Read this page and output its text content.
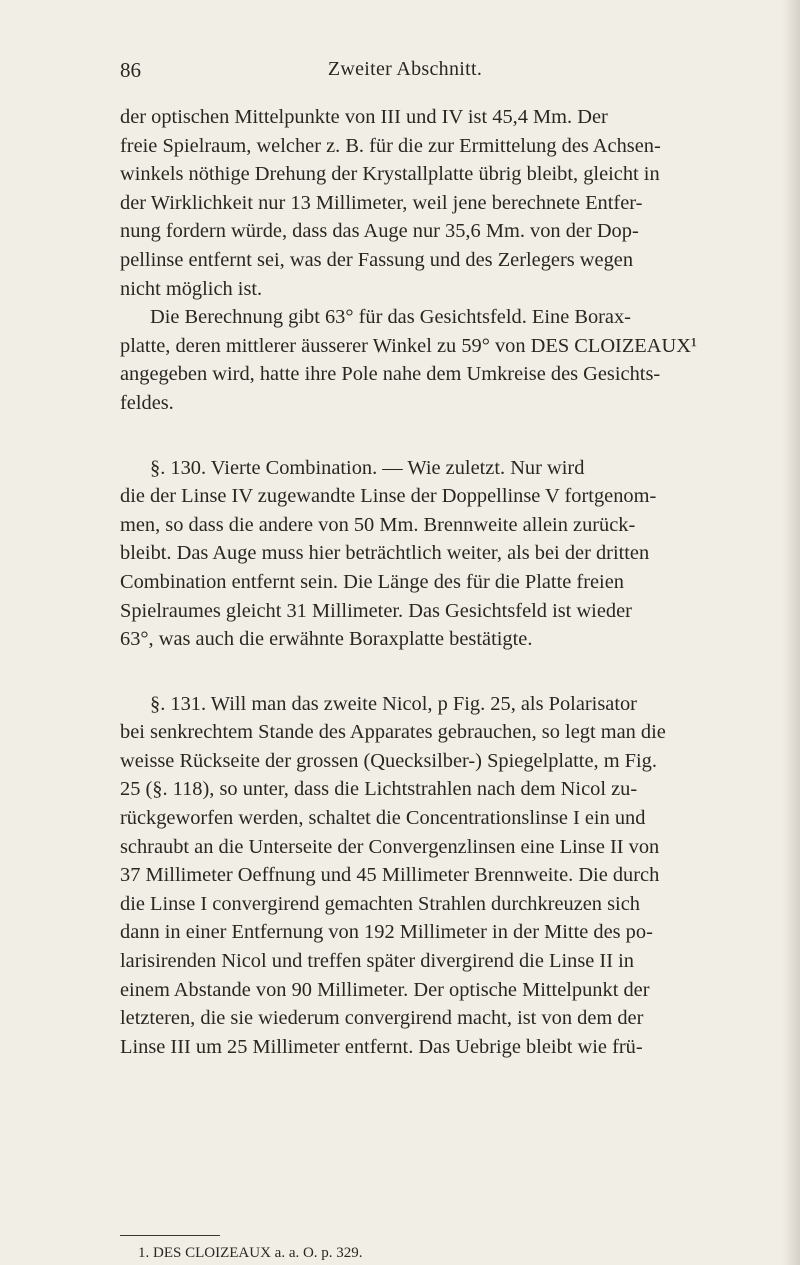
86	Zweiter Abschnitt.

der optischen Mittelpunkte von III und IV ist 45,4 Mm. Der
freie Spielraum, welcher z. B. für die zur Ermittelung des Achsen-
winkels nöthige Drehung der Krystallplatte übrig bleibt, gleicht in
der Wirklichkeit nur 13 Millimeter, weil jene berechnete Entfer-
nung fordern würde, dass das Auge nur 35,6 Mm. von der Dop-
pellinse entfernt sei, was der Fassung und des Zerlegers wegen
nicht möglich ist.

Die Berechnung gibt 63° für das Gesichtsfeld. Eine Borax-
platte, deren mittlerer äusserer Winkel zu 59° von DES CLOIZEAUX¹
angegeben wird, hatte ihre Pole nahe dem Umkreise des Gesichts-
feldes.

§. 130. Vierte Combination. — Wie zuletzt. Nur wird
die der Linse IV zugewandte Linse der Doppellinse V fortgenom-
men, so dass die andere von 50 Mm. Brennweite allein zurück-
bleibt. Das Auge muss hier beträchtlich weiter, als bei der dritten
Combination entfernt sein. Die Länge des für die Platte freien
Spielraumes gleicht 31 Millimeter. Das Gesichtsfeld ist wieder
63°, was auch die erwähnte Boraxplatte bestätigte.

§. 131. Will man das zweite Nicol, p Fig. 25, als Polarisator
bei senkrechtem Stande des Apparates gebrauchen, so legt man die
weisse Rückseite der grossen (Quecksilber-) Spiegelplatte, m Fig.
25 (§. 118), so unter, dass die Lichtstrahlen nach dem Nicol zu-
rückgeworfen werden, schaltet die Concentrationslinse I ein und
schraubt an die Unterseite der Convergenzlinsen eine Linse II von
37 Millimeter Oeffnung und 45 Millimeter Brennweite. Die durch
die Linse I convergirend gemachten Strahlen durchkreuzen sich
dann in einer Entfernung von 192 Millimeter in der Mitte des po-
larisirenden Nicol und treffen später divergirend die Linse II in
einem Abstande von 90 Millimeter. Der optische Mittelpunkt der
letzteren, die sie wiederum convergirend macht, ist von dem der
Linse III um 25 Millimeter entfernt. Das Uebrige bleibt wie frü-

1. DES CLOIZEAUX a. a. O. p. 329.
